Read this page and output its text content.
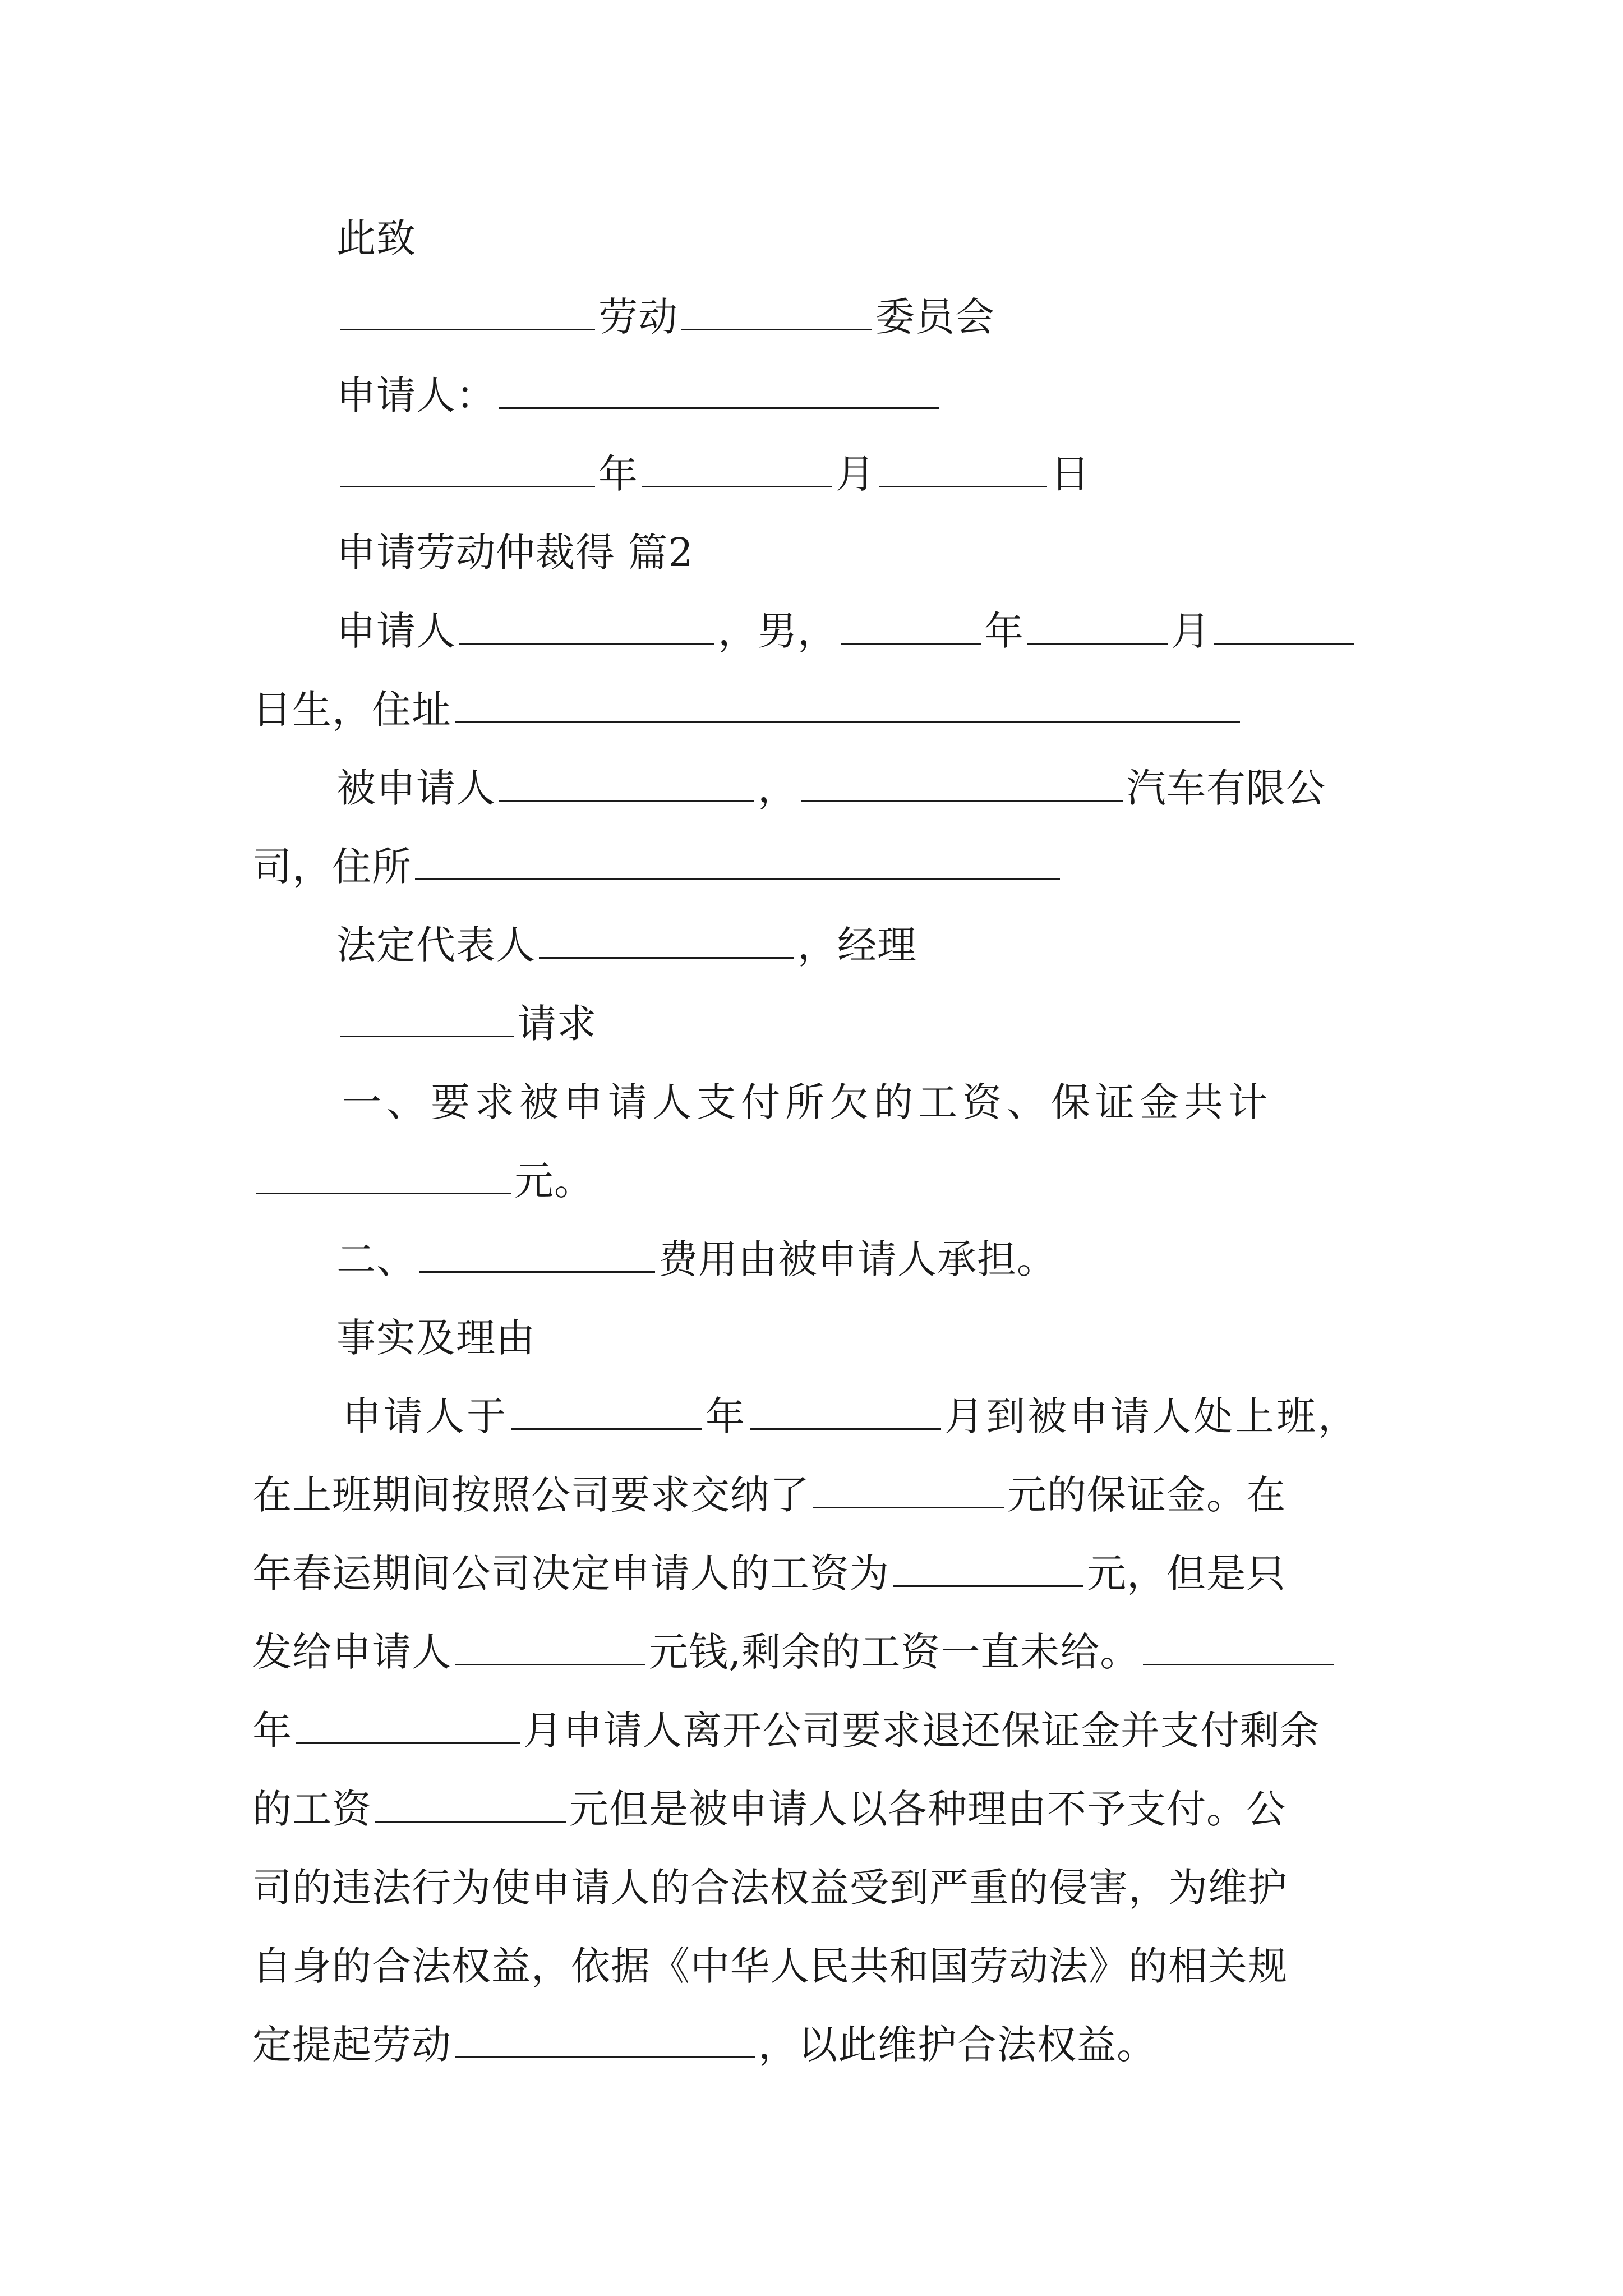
此致

劳动	委员会

申请人：

年	月	日

申请劳动仲裁得 篇2

申请人	，男，	年	月

日生，住址

被申请人	，	汽车有限公

司，住所

法定代表人	，经理

请求

一、要求被申请人支付所欠的工资、保证金共计

元。

二、	费用由被申请人承担。

事实及理由

申请人于	年	月到被申请人处上班，

在上班期间按照公司要求交纳了	元的保证金。在

年春运期间公司决定申请人的工资为	元，但是只

发给申请人	元钱,剩余的工资一直未给。

年	月申请人离开公司要求退还保证金并支付剩余

的工资	元但是被申请人以各种理由不予支付。公

司的违法行为使申请人的合法权益受到严重的侵害，为维护

自身的合法权益，依据《中华人民共和国劳动法》的相关规

定提起劳动	，以此维护合法权益。
